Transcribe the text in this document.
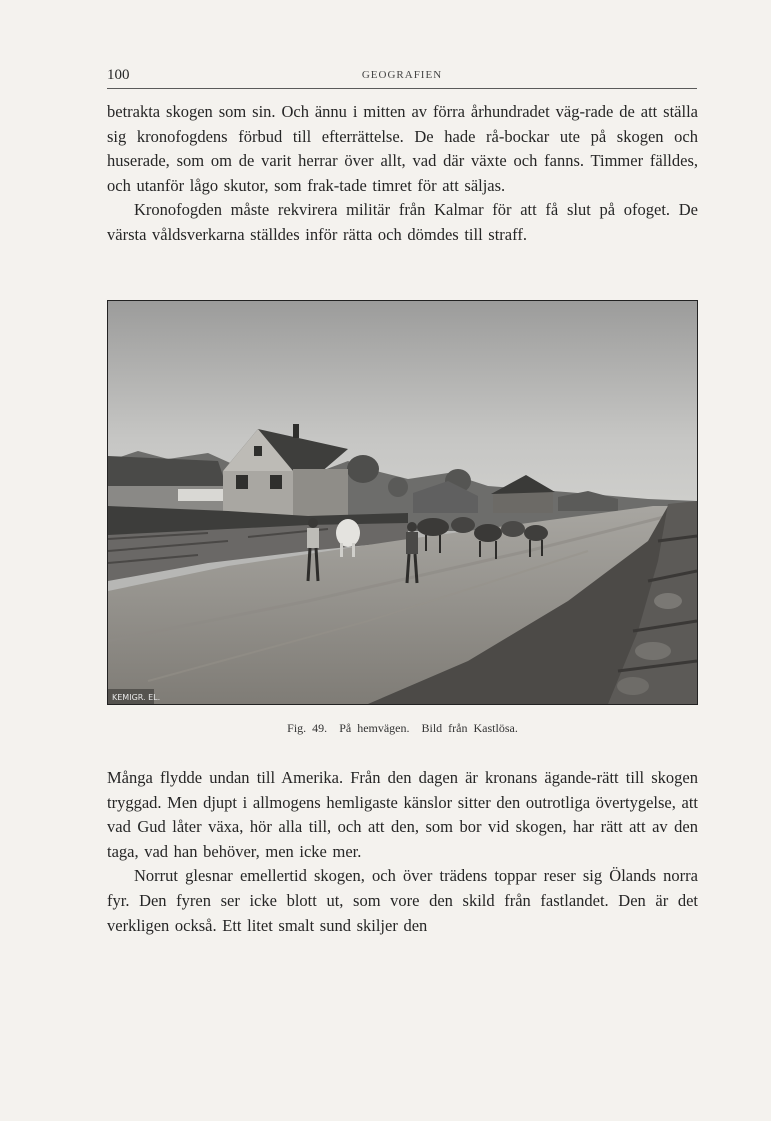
100	GEOGRAFIEN

betrakta skogen som sin. Och ännu i mitten av förra århundradet väg-rade de att ställa sig kronofogdens förbud till efterrättelse. De hade rå-bockar ute på skogen och huserade, som om de varit herrar över allt, vad där växte och fanns. Timmer fälldes, och utanför lågo skutor, som frak-tade timret för att säljas.

Kronofogden måste rekvirera militär från Kalmar för att få slut på ofoget. De värsta våldsverkarna ställdes inför rätta och dömdes till straff.

KEMIGR. EL.
Fig. 49. På hemvägen. Bild från Kastlösa.

Många flydde undan till Amerika. Från den dagen är kronans ägande-rätt till skogen tryggad. Men djupt i allmogens hemligaste känslor sitter den outrotliga övertygelse, att vad Gud låter växa, hör alla till, och att den, som bor vid skogen, har rätt att av den taga, vad han behöver, men icke mer.

Norrut glesnar emellertid skogen, och över trädens toppar reser sig Ölands norra fyr. Den fyren ser icke blott ut, som vore den skild från fastlandet. Den är det verkligen också. Ett litet smalt sund skiljer den
